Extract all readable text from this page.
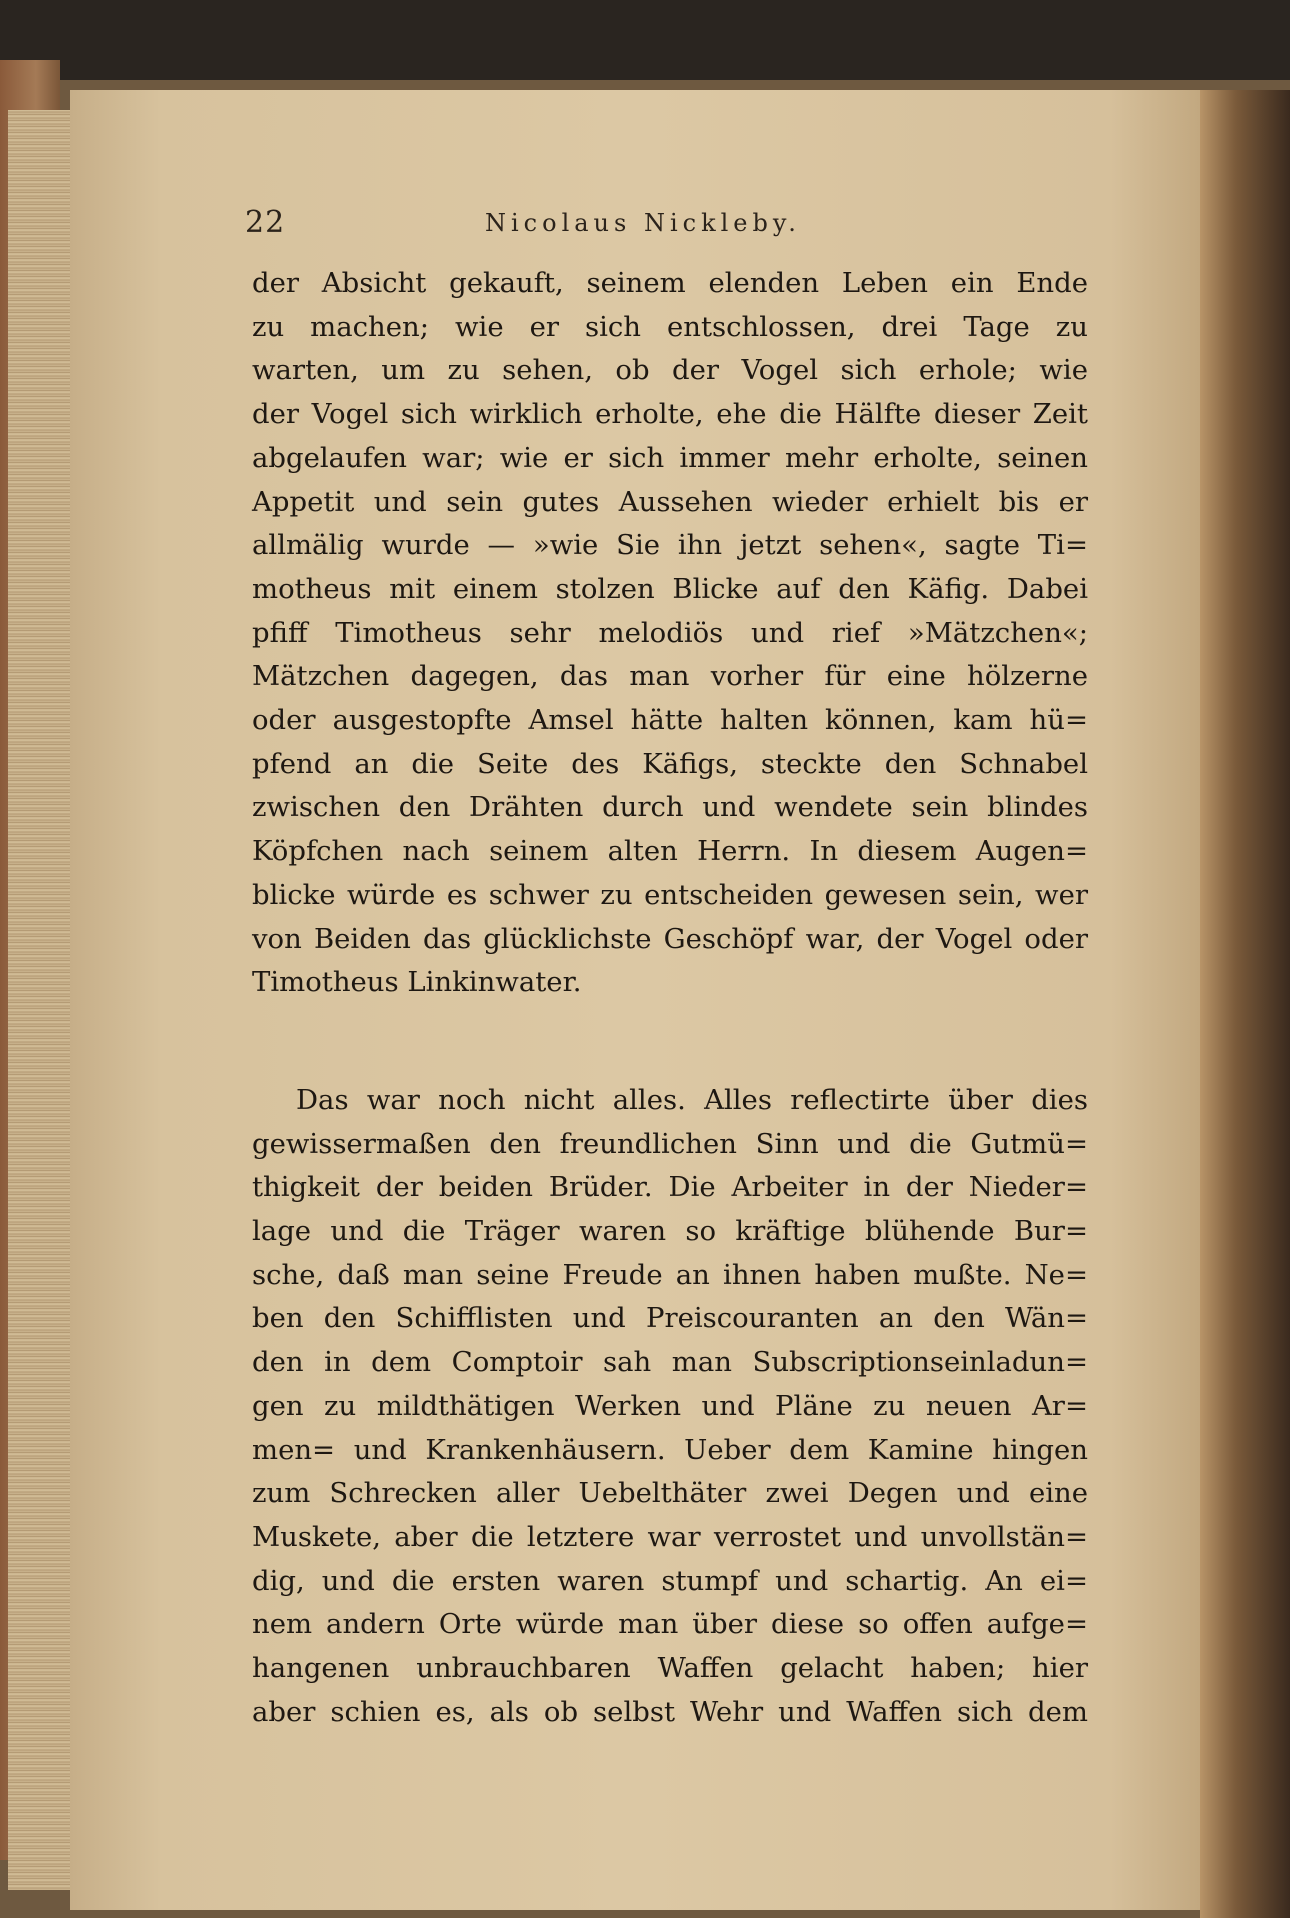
22	Nicolaus Nickleby.
der Absicht gekauft, seinem elenden Leben ein Ende
zu machen; wie er sich entschlossen, drei Tage zu
warten, um zu sehen, ob der Vogel sich erhole; wie
der Vogel sich wirklich erholte, ehe die Hälfte dieser Zeit
abgelaufen war; wie er sich immer mehr erholte, seinen
Appetit und sein gutes Aussehen wieder erhielt bis er
allmälig wurde — »wie Sie ihn jetzt sehen«, sagte Ti=
motheus mit einem stolzen Blicke auf den Käfig. Dabei
pfiff Timotheus sehr melodiös und rief »Mätzchen«;
Mätzchen dagegen, das man vorher für eine hölzerne
oder ausgestopfte Amsel hätte halten können, kam hü=
pfend an die Seite des Käfigs, steckte den Schnabel
zwischen den Drähten durch und wendete sein blindes
Köpfchen nach seinem alten Herrn. In diesem Augen=
blicke würde es schwer zu entscheiden gewesen sein, wer
von Beiden das glücklichste Geschöpf war, der Vogel oder
Timotheus Linkinwater.
Das war noch nicht alles. Alles reflectirte über dies
gewissermaßen den freundlichen Sinn und die Gutmü=
thigkeit der beiden Brüder. Die Arbeiter in der Nieder=
lage und die Träger waren so kräftige blühende Bur=
sche, daß man seine Freude an ihnen haben mußte. Ne=
ben den Schifflisten und Preiscouranten an den Wän=
den in dem Comptoir sah man Subscriptionseinladun=
gen zu mildthätigen Werken und Pläne zu neuen Ar=
men= und Krankenhäusern. Ueber dem Kamine hingen
zum Schrecken aller Uebelthäter zwei Degen und eine
Muskete, aber die letztere war verrostet und unvollstän=
dig, und die ersten waren stumpf und schartig. An ei=
nem andern Orte würde man über diese so offen aufge=
hangenen unbrauchbaren Waffen gelacht haben; hier
aber schien es, als ob selbst Wehr und Waffen sich dem
